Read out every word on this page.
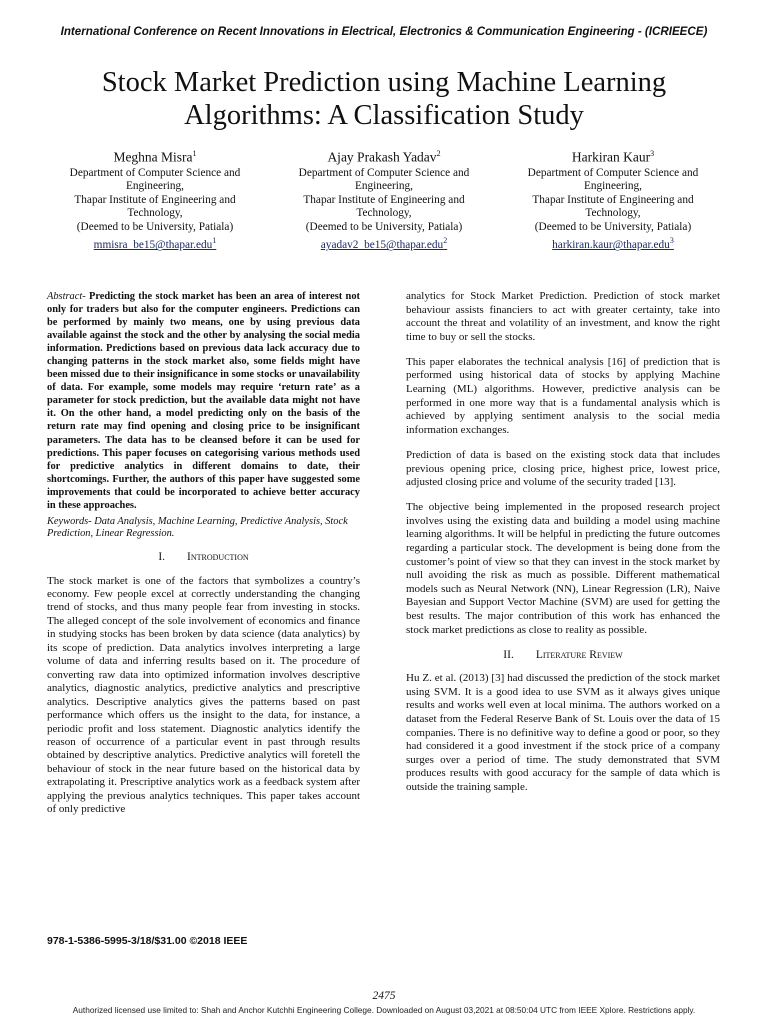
International Conference on Recent Innovations in Electrical, Electronics & Communication Engineering - (ICRIEECE)
Stock Market Prediction using Machine Learning
Algorithms: A Classification Study
Meghna Misra$^1$
Department of Computer Science and
Engineering,
Thapar Institute of Engineering and
Technology,
(Deemed to be University, Patiala)
mmisra_be15@thapar.edu$^1$
Ajay Prakash Yadav$^2$
Department of Computer Science and
Engineering,
Thapar Institute of Engineering and
Technology,
(Deemed to be University, Patiala)
ayadav2_be15@thapar.edu$^2$
Harkiran Kaur$^3$
Department of Computer Science and
Engineering,
Thapar Institute of Engineering and
Technology,
(Deemed to be University, Patiala)
harkiran.kaur@thapar.edu$^3$
Abstract- Predicting the stock market has been an area of interest not only for traders but also for the computer engineers. Predictions can be performed by mainly two means, one by using previous data available against the stock and the other by analysing the social media information. Predictions based on previous data lack accuracy due to changing patterns in the stock market also, some fields might have been missed due to their insignificance in some stocks or unavailability of data. For example, some models may require ‘return rate’ as a parameter for stock prediction, but the available data might not have it. On the other hand, a model predicting only on the basis of the return rate may find opening and closing price to be insignificant parameters. The data has to be cleansed before it can be used for predictions. This paper focuses on categorising various methods used for predictive analytics in different domains to date, their shortcomings. Further, the authors of this paper have suggested some improvements that could be incorporated to achieve better accuracy in these approaches.
Keywords- Data Analysis, Machine Learning, Predictive Analysis, Stock Prediction, Linear Regression.
I. Introduction

The stock market is one of the factors that symbolizes a country’s economy. Few people excel at correctly understanding the changing trend of stocks, and thus many people fear from investing in stocks. The alleged concept of the sole involvement of economics and finance in studying stocks has been broken by data science (data analytics) by its scope of prediction. Data analytics involves interpreting a large volume of data and inferring results based on it. The procedure of converting raw data into optimized information involves descriptive analytics, diagnostic analytics, predictive analytics and prescriptive analytics. Descriptive analytics gives the patterns based on past performance which offers us the insight to the data, for instance, a periodic profit and loss statement. Diagnostic analytics identify the reason of occurrence of a particular event in past through results obtained by descriptive analytics. Predictive analytics will foretell the behaviour of stock in the near future based on the historical data by extrapolating it. Prescriptive analytics work as a feedback system after applying the previous analytics techniques. This paper takes account of only predictive

analytics for Stock Market Prediction. Prediction of stock market behaviour assists financiers to act with greater certainty, take into account the threat and volatility of an investment, and know the right time to buy or sell the stocks.

This paper elaborates the technical analysis [16] of prediction that is performed using historical data of stocks by applying Machine Learning (ML) algorithms. However, predictive analysis can be performed in one more way that is a fundamental analysis which is achieved by applying sentiment analysis to the social media information exchanges.

Prediction of data is based on the existing stock data that includes previous opening price, closing price, highest price, lowest price, adjusted closing price and volume of the security traded [13].

The objective being implemented in the proposed research project involves using the existing data and building a model using machine learning algorithms. It will be helpful in predicting the future outcomes regarding a particular stock. The development is being done from the customer’s point of view so that they can invest in the stock market by null avoiding the risk as much as possible. Different mathematical models such as Neural Network (NN), Linear Regression (LR), Naive Bayesian and Support Vector Machine (SVM) are used for getting the best results. The major contribution of this work has enhanced the stock market predictions as close to reality as possible.

II. Literature Review

Hu Z. et al. (2013) [3] had discussed the prediction of the stock market using SVM. It is a good idea to use SVM as it always gives unique results and works well even at local minima. The authors worked on a dataset from the Federal Reserve Bank of St. Louis over the data of 15 companies. There is no definitive way to define a good or poor, so they had considered it a good investment if the stock price of a company surges over a period of time. The study demonstrated that SVM produces results with good accuracy for the sample of data which is outside the training sample.

978-1-5386-5995-3/18/$31.00 ©2018 IEEE
2475
Authorized licensed use limited to: Shah and Anchor Kutchhi Engineering College. Downloaded on August 03,2021 at 08:50:04 UTC from IEEE Xplore. Restrictions apply.
